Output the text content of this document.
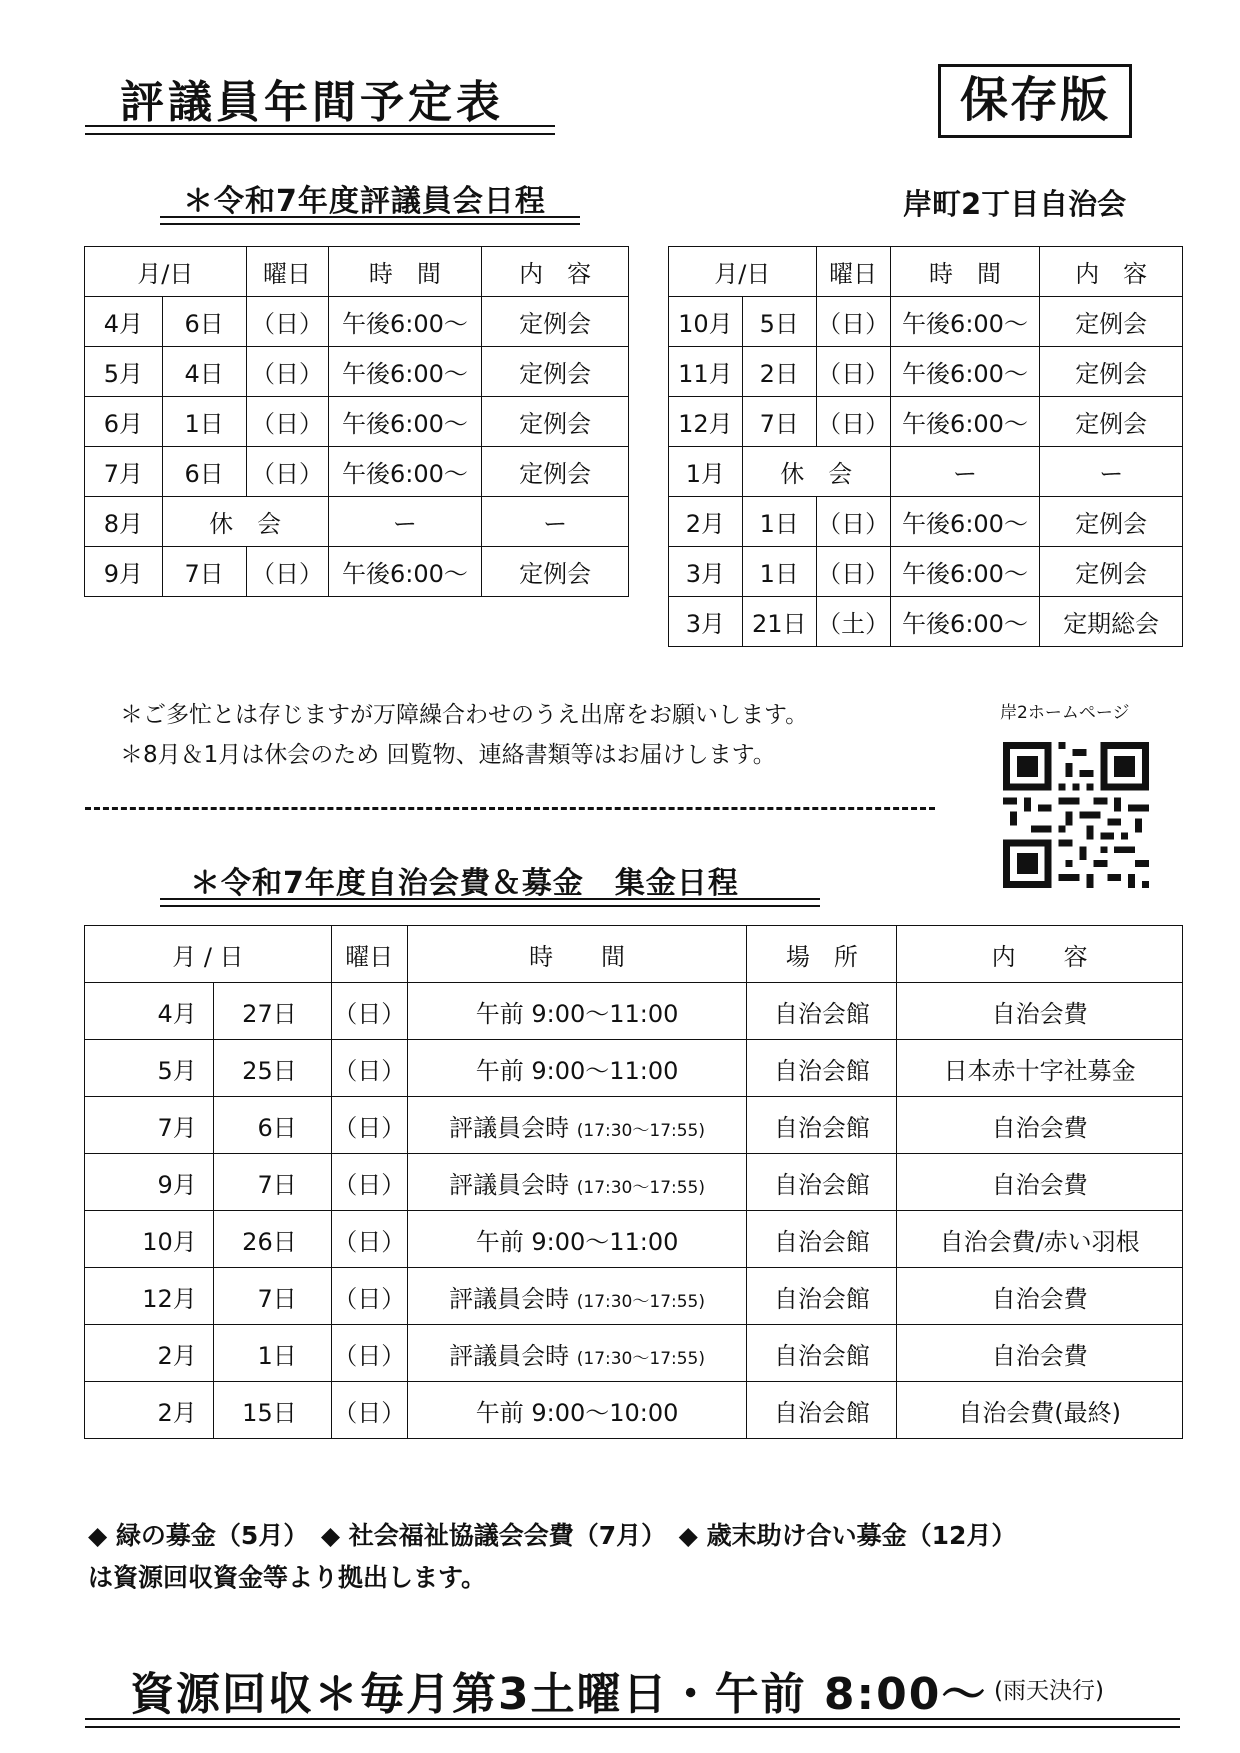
評議員年間予定表	保存版
＊令和7年度評議員会日程	岸町2丁目自治会
月/日		曜日	時　間	内　容
4月	6日	（日）	午後6:00～	定例会
5月	4日	（日）	午後6:00～	定例会
6月	1日	（日）	午後6:00～	定例会
7月	6日	（日）	午後6:00～	定例会
8月	休　会		ー	ー
9月	7日	（日）	午後6:00～	定例会
月/日		曜日	時　間	内　容
10月	5日	（日）	午後6:00～	定例会
11月	2日	（日）	午後6:00～	定例会
12月	7日	（日）	午後6:00～	定例会
1月	休　会		ー	ー
2月	1日	（日）	午後6:00～	定例会
3月	1日	（日）	午後6:00～	定例会
3月	21日	（土）	午後6:00～	定期総会
＊ご多忙とは存じますが万障繰合わせのうえ出席をお願いします。
＊8月＆1月は休会のため 回覧物、連絡書類等はお届けします。
岸2ホームページ
＊令和7年度自治会費＆募金　集金日程
月 / 日		曜日	時　　間	場　所	内　　容
4月	27日	（日）	午前 9:00～11:00	自治会館	自治会費
5月	25日	（日）	午前 9:00～11:00	自治会館	日本赤十字社募金
7月	6日	（日）	評議員会時 (17:30～17:55)	自治会館	自治会費
9月	7日	（日）	評議員会時 (17:30～17:55)	自治会館	自治会費
10月	26日	（日）	午前 9:00～11:00	自治会館	自治会費/赤い羽根
12月	7日	（日）	評議員会時 (17:30～17:55)	自治会館	自治会費
2月	1日	（日）	評議員会時 (17:30～17:55)	自治会館	自治会費
2月	15日	（日）	午前 9:00～10:00	自治会館	自治会費(最終)
◆ 緑の募金（5月）　◆ 社会福祉協議会会費（7月）　◆ 歳末助け合い募金（12月）
は資源回収資金等より拠出します。
資源回収＊毎月第3土曜日・午前 8:00～ (雨天決行)
